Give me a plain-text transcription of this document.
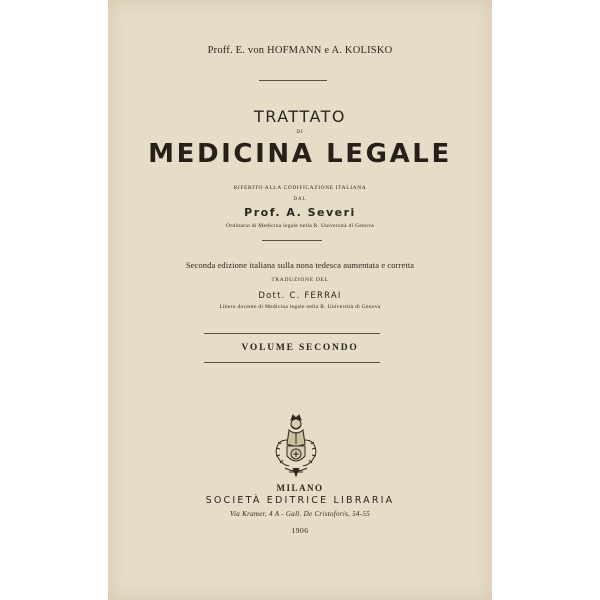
Proff. E. von HOFMANN e A. KOLISKO
TRATTATO
DI
MEDICINA LEGALE
RIFERITO ALLA CODIFICAZIONE ITALIANA
DAL
Prof. A. Severi
Ordinario di Medicina legale nella R. Università di Genova
Seconda edizione italiana sulla nona tedesca aumentata e corretta
TRADUZIONE DEL
Dott. C. FERRAI
Libero docente di Medicina legale nella R. Università di Genova
VOLUME SECONDO
MILANO
SOCIETÀ EDITRICE LIBRARIA
Via Kramer, 4 A - Gall. De Cristoforis, 54-55
1906
